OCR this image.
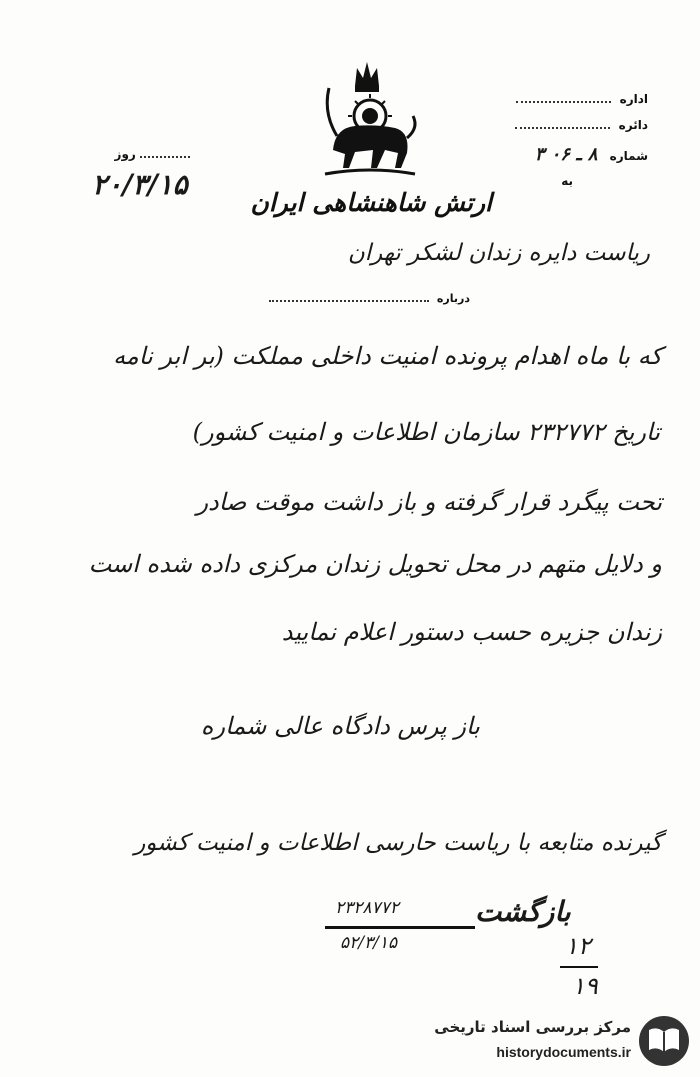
ارتش شاهنشاهی ایران
اداره
دائره
شماره ۸ ـ ۰۶ ۳
به
روز
۲۰/۳/۱۵
ریاست دایره زندان لشکر تهران
درباره
که با ماه اهدام پرونده امنیت داخلی مملکت (بر ابر نامه
تاریخ ۲۳۲۷۷۲ سازمان اطلاعات و امنیت کشور)
تحت پیگرد قرار گرفته و باز داشت موقت صادر
و دلایل متهم در محل تحویل زندان مرکزی داده شده است
زندان جزیره حسب دستور اعلام نمایید
باز پرس دادگاه عالی شماره
گیرنده متابعه با ریاست حارسی اطلاعات و امنیت کشور
بازگشت
۲۳۲۸۷۷۲
۵۲/۳/۱۵	۱۲
۱۹
مرکز بررسی اسناد تاریخی
historydocuments.ir
